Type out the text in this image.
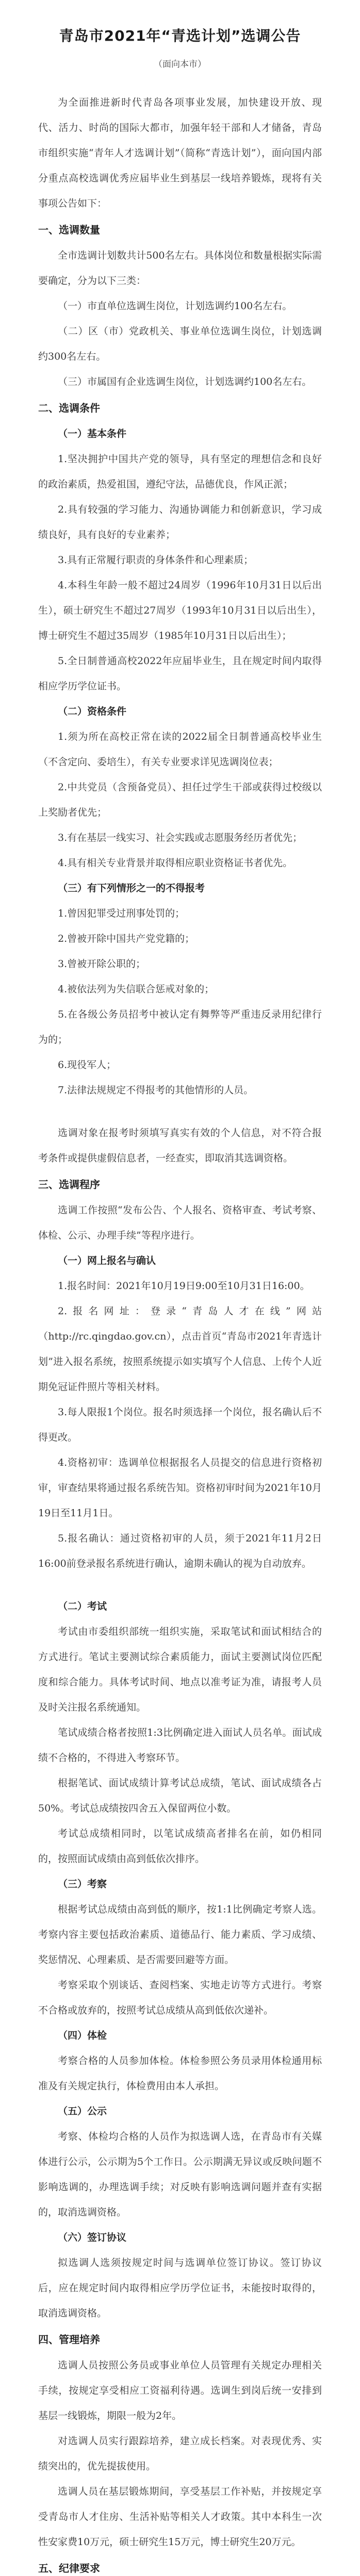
青岛市2021年“青选计划”选调公告
（面向本市）

为全面推进新时代青岛各项事业发展，加快建设开放、现代、活力、时尚的国际大都市，加强年轻干部和人才储备，青岛市组织实施“青年人才选调计划”（简称“青选计划”），面向国内部分重点高校选调优秀应届毕业生到基层一线培养锻炼，现将有关事项公告如下：

一、选调数量

全市选调计划数共计500名左右。具体岗位和数量根据实际需要确定，分为以下三类：

（一）市直单位选调生岗位，计划选调约100名左右。

（二）区（市）党政机关、事业单位选调生岗位，计划选调约300名左右。

（三）市属国有企业选调生岗位，计划选调约100名左右。

二、选调条件

（一）基本条件

1.坚决拥护中国共产党的领导，具有坚定的理想信念和良好的政治素质，热爱祖国，遵纪守法，品德优良，作风正派；

2.具有较强的学习能力、沟通协调能力和创新意识，学习成绩良好，具有良好的专业素养；

3.具有正常履行职责的身体条件和心理素质；

4.本科生年龄一般不超过24周岁（1996年10月31日以后出生），硕士研究生不超过27周岁（1993年10月31日以后出生），博士研究生不超过35周岁（1985年10月31日以后出生）；

5.全日制普通高校2022年应届毕业生，且在规定时间内取得相应学历学位证书。

（二）资格条件

1.须为所在高校正常在读的2022届全日制普通高校毕业生（不含定向、委培生），有关专业要求详见选调岗位表；

2.中共党员（含预备党员）、担任过学生干部或获得过校级以上奖励者优先；

3.有在基层一线实习、社会实践或志愿服务经历者优先；

4.具有相关专业背景并取得相应职业资格证书者优先。

（三）有下列情形之一的不得报考

1.曾因犯罪受过刑事处罚的；

2.曾被开除中国共产党党籍的；

3.曾被开除公职的；

4.被依法列为失信联合惩戒对象的；

5.在各级公务员招考中被认定有舞弊等严重违反录用纪律行为的；

6.现役军人；

7.法律法规规定不得报考的其他情形的人员。

选调对象在报考时须填写真实有效的个人信息，对不符合报考条件或提供虚假信息者，一经查实，即取消其选调资格。

三、选调程序

选调工作按照“发布公告、个人报名、资格审查、考试考察、体检、公示、办理手续”等程序进行。

（一）网上报名与确认

1.报名时间：2021年10月19日9:00至10月31日16:00。

2.报名网址：登录“青岛人才在线”网站（http://rc.qingdao.gov.cn），点击首页“青岛市2021年青选计划”进入报名系统，按照系统提示如实填写个人信息、上传个人近期免冠证件照片等相关材料。

3.每人限报1个岗位。报名时须选择一个岗位，报名确认后不得更改。

4.资格初审：选调单位根据报名人员提交的信息进行资格初审，审查结果将通过报名系统告知。资格初审时间为2021年10月19日至11月1日。

5.报名确认：通过资格初审的人员，须于2021年11月2日16:00前登录报名系统进行确认，逾期未确认的视为自动放弃。

（二）考试

考试由市委组织部统一组织实施，采取笔试和面试相结合的方式进行。笔试主要测试综合素质能力，面试主要测试岗位匹配度和综合能力。具体考试时间、地点以准考证为准，请报考人员及时关注报名系统通知。

笔试成绩合格者按照1:3比例确定进入面试人员名单。面试成绩不合格的，不得进入考察环节。

根据笔试、面试成绩计算考试总成绩，笔试、面试成绩各占50%。考试总成绩按四舍五入保留两位小数。

考试总成绩相同时，以笔试成绩高者排名在前，如仍相同的，按照面试成绩由高到低依次排序。

（三）考察

根据考试总成绩由高到低的顺序，按1:1比例确定考察人选。考察内容主要包括政治素质、道德品行、能力素质、学习成绩、奖惩情况、心理素质、是否需要回避等方面。

考察采取个别谈话、查阅档案、实地走访等方式进行。考察不合格或放弃的，按照考试总成绩从高到低依次递补。

（四）体检

考察合格的人员参加体检。体检参照公务员录用体检通用标准及有关规定执行，体检费用由本人承担。

（五）公示

考察、体检均合格的人员作为拟选调人选，在青岛市有关媒体进行公示，公示期为5个工作日。公示期满无异议或反映问题不影响选调的，办理选调手续；对反映有影响选调问题并查有实据的，取消选调资格。

（六）签订协议

拟选调人选须按规定时间与选调单位签订协议。签订协议后，应在规定时间内取得相应学历学位证书，未能按时取得的，取消选调资格。

四、管理培养

选调人员按照公务员或事业单位人员管理有关规定办理相关手续，按规定享受相应工资福利待遇。选调生到岗后统一安排到基层一线锻炼，期限一般为2年。

对选调人员实行跟踪培养，建立成长档案。对表现优秀、实绩突出的，优先提拔使用。

选调人员在基层锻炼期间，享受基层工作补贴，并按规定享受青岛市人才住房、生活补贴等相关人才政策。其中本科生一次性安家费10万元，硕士研究生15万元，博士研究生20万元。

五、纪律要求
